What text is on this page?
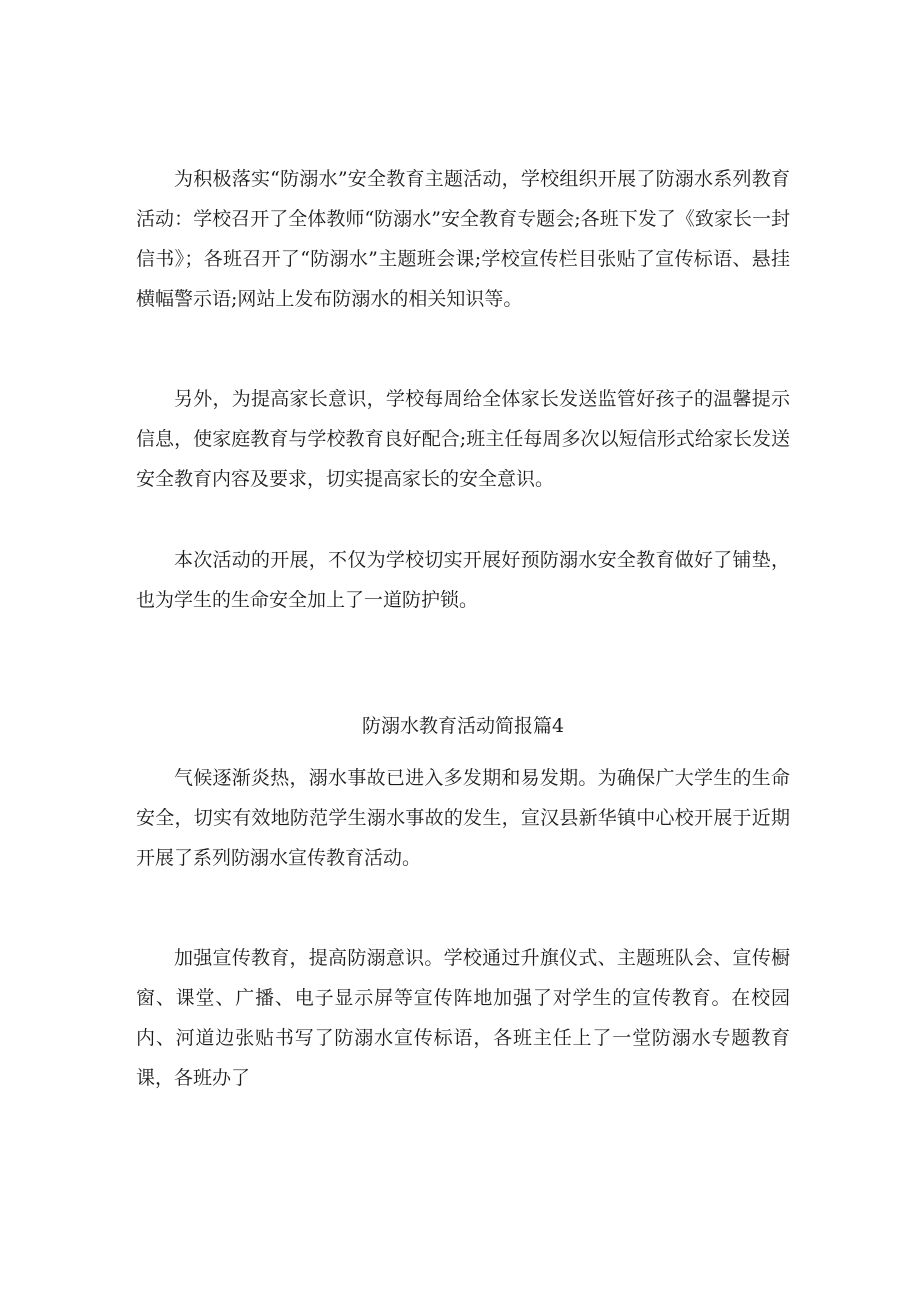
为积极落实“防溺水”安全教育主题活动，学校组织开展了防溺水系列教育活动：学校召开了全体教师“防溺水”安全教育专题会;各班下发了《致家长一封信书》；各班召开了“防溺水”主题班会课;学校宣传栏目张贴了宣传标语、悬挂横幅警示语;网站上发布防溺水的相关知识等。

另外，为提高家长意识，学校每周给全体家长发送监管好孩子的温馨提示信息，使家庭教育与学校教育良好配合;班主任每周多次以短信形式给家长发送安全教育内容及要求，切实提高家长的安全意识。

本次活动的开展，不仅为学校切实开展好预防溺水安全教育做好了铺垫，也为学生的生命安全加上了一道防护锁。

防溺水教育活动简报篇4

气候逐渐炎热，溺水事故已进入多发期和易发期。为确保广大学生的生命安全，切实有效地防范学生溺水事故的发生，宣汉县新华镇中心校开展于近期开展了系列防溺水宣传教育活动。

加强宣传教育，提高防溺意识。学校通过升旗仪式、主题班队会、宣传橱窗、课堂、广播、电子显示屏等宣传阵地加强了对学生的宣传教育。在校园内、河道边张贴书写了防溺水宣传标语，各班主任上了一堂防溺水专题教育课，各班办了
